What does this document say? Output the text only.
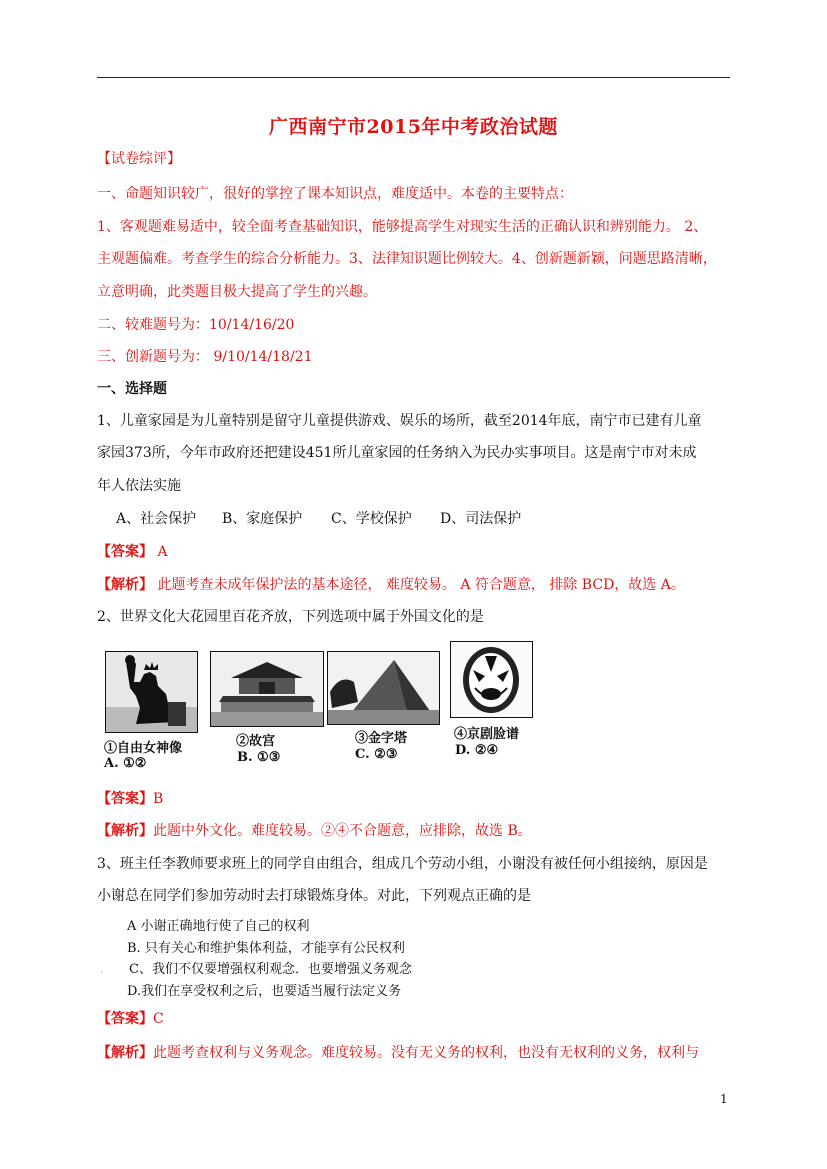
广西南宁市2015年中考政治试题
【试卷综评】
一、命题知识较广，很好的掌控了课本知识点，难度适中。本卷的主要特点：
1、客观题难易适中，较全面考查基础知识，能够提高学生对现实生活的正确认识和辨别能力。 2、
主观题偏难。考查学生的综合分析能力。3、法律知识题比例较大。4、创新题新颖，问题思路清晰，
立意明确，此类题目极大提高了学生的兴趣。
二、较难题号为：10/14/16/20
三、创新题号为： 9/10/14/18/21
一、选择题
1、儿童家园是为儿童特别是留守儿童提供游戏、娱乐的场所，截至2014年底，南宁市已建有儿童
家园373所，今年市政府还把建设451所儿童家园的任务纳入为民办实事项目。这是南宁市对未成
年人依法实施
A、社会保护 B、家庭保护 C、学校保护 D、司法保护
【答案】 A
【解析】 此题考查未成年保护法的基本途径， 难度较易。 A 符合题意， 排除 BCD，故选 A。
2、世界文化大花园里百花齐放，下列选项中属于外国文化的是
①自由女神像
A. ①②
②故宫
B. ①③
③金字塔
C. ②③
④京剧脸谱
D. ②④
【答案】B
【解析】此题中外文化。难度较易。②④不合题意，应排除，故选 B。
3、班主任李教师要求班上的同学自由组合，组成几个劳动小组，小谢没有被任何小组接纳，原因是
小谢总在同学们参加劳动时去打球锻炼身体。对此，下列观点正确的是
A 小谢正确地行使了自己的权利
B. 只有关心和维护集体利益，才能享有公民权利
. C、我们不仅要增强权利观念．也要增强义务观念
D.我们在享受权利之后，也要适当履行法定义务
【答案】C
【解析】此题考查权利与义务观念。难度较易。没有无义务的权利，也没有无权利的义务，权利与
1
